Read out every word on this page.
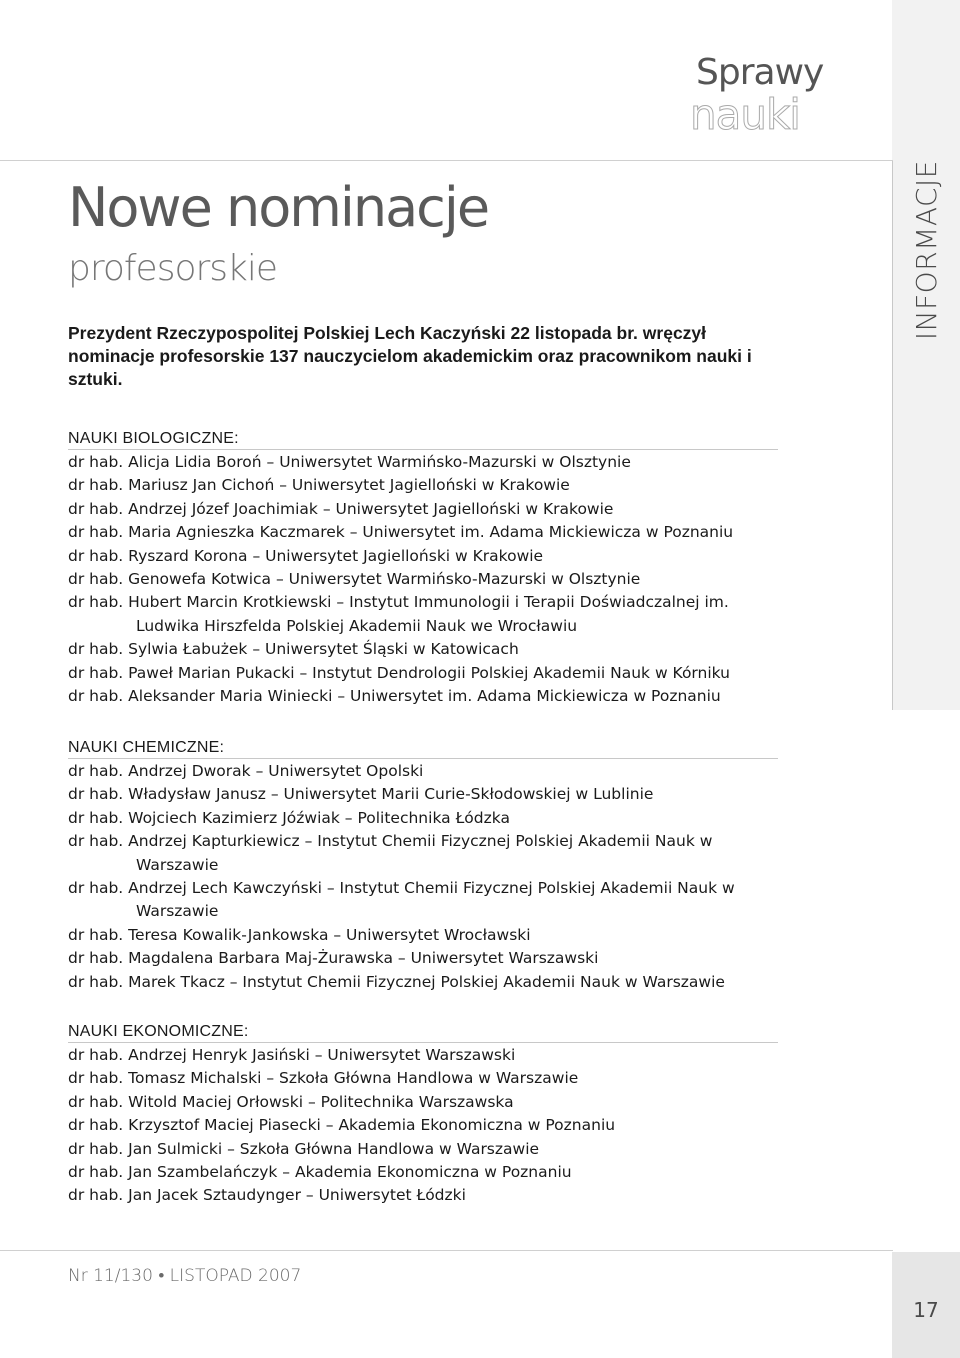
INFORMACJE
Sprawy
nauki
Nowe nominacje
profesorskie

Prezydent Rzeczypospolitej Polskiej Lech Kaczyński 22 listopada br. wręczył nominacje profesorskie 137 nauczycielom akademickim oraz pracownikom nauki i sztuki.

NAUKI BIOLOGICZNE:
dr hab. Alicja Lidia Boroń – Uniwersytet Warmińsko-Mazurski w Olsztynie
dr hab. Mariusz Jan Cichoń – Uniwersytet Jagielloński w Krakowie
dr hab. Andrzej Józef Joachimiak – Uniwersytet Jagielloński w Krakowie
dr hab. Maria Agnieszka Kaczmarek – Uniwersytet im. Adama Mickiewicza w Poznaniu
dr hab. Ryszard Korona – Uniwersytet Jagielloński w Krakowie
dr hab. Genowefa Kotwica – Uniwersytet Warmińsko-Mazurski w Olsztynie
dr hab. Hubert Marcin Krotkiewski – Instytut Immunologii i Terapii Doświadczalnej im. Ludwika Hirszfelda Polskiej Akademii Nauk we Wrocławiu
dr hab. Sylwia Łabużek – Uniwersytet Śląski w Katowicach
dr hab. Paweł Marian Pukacki – Instytut Dendrologii Polskiej Akademii Nauk w Kórniku
dr hab. Aleksander Maria Winiecki – Uniwersytet im. Adama Mickiewicza w Poznaniu
NAUKI CHEMICZNE:
dr hab. Andrzej Dworak – Uniwersytet Opolski
dr hab. Władysław Janusz – Uniwersytet Marii Curie-Skłodowskiej w Lublinie
dr hab. Wojciech Kazimierz Jóźwiak – Politechnika Łódzka
dr hab. Andrzej Kapturkiewicz – Instytut Chemii Fizycznej Polskiej Akademii Nauk w Warszawie
dr hab. Andrzej Lech Kawczyński – Instytut Chemii Fizycznej Polskiej Akademii Nauk w Warszawie
dr hab. Teresa Kowalik-Jankowska – Uniwersytet Wrocławski
dr hab. Magdalena Barbara Maj-Żurawska – Uniwersytet Warszawski
dr hab. Marek Tkacz – Instytut Chemii Fizycznej Polskiej Akademii Nauk w Warszawie
NAUKI EKONOMICZNE:
dr hab. Andrzej Henryk Jasiński – Uniwersytet Warszawski
dr hab. Tomasz Michalski – Szkoła Główna Handlowa w Warszawie
dr hab. Witold Maciej Orłowski – Politechnika Warszawska
dr hab. Krzysztof Maciej Piasecki – Akademia Ekonomiczna w Poznaniu
dr hab. Jan Sulmicki – Szkoła Główna Handlowa w Warszawie
dr hab. Jan Szambelańczyk – Akademia Ekonomiczna w Poznaniu
dr hab. Jan Jacek Sztaudynger – Uniwersytet Łódzki

Nr 11/130 • LISTOPAD 2007

17
